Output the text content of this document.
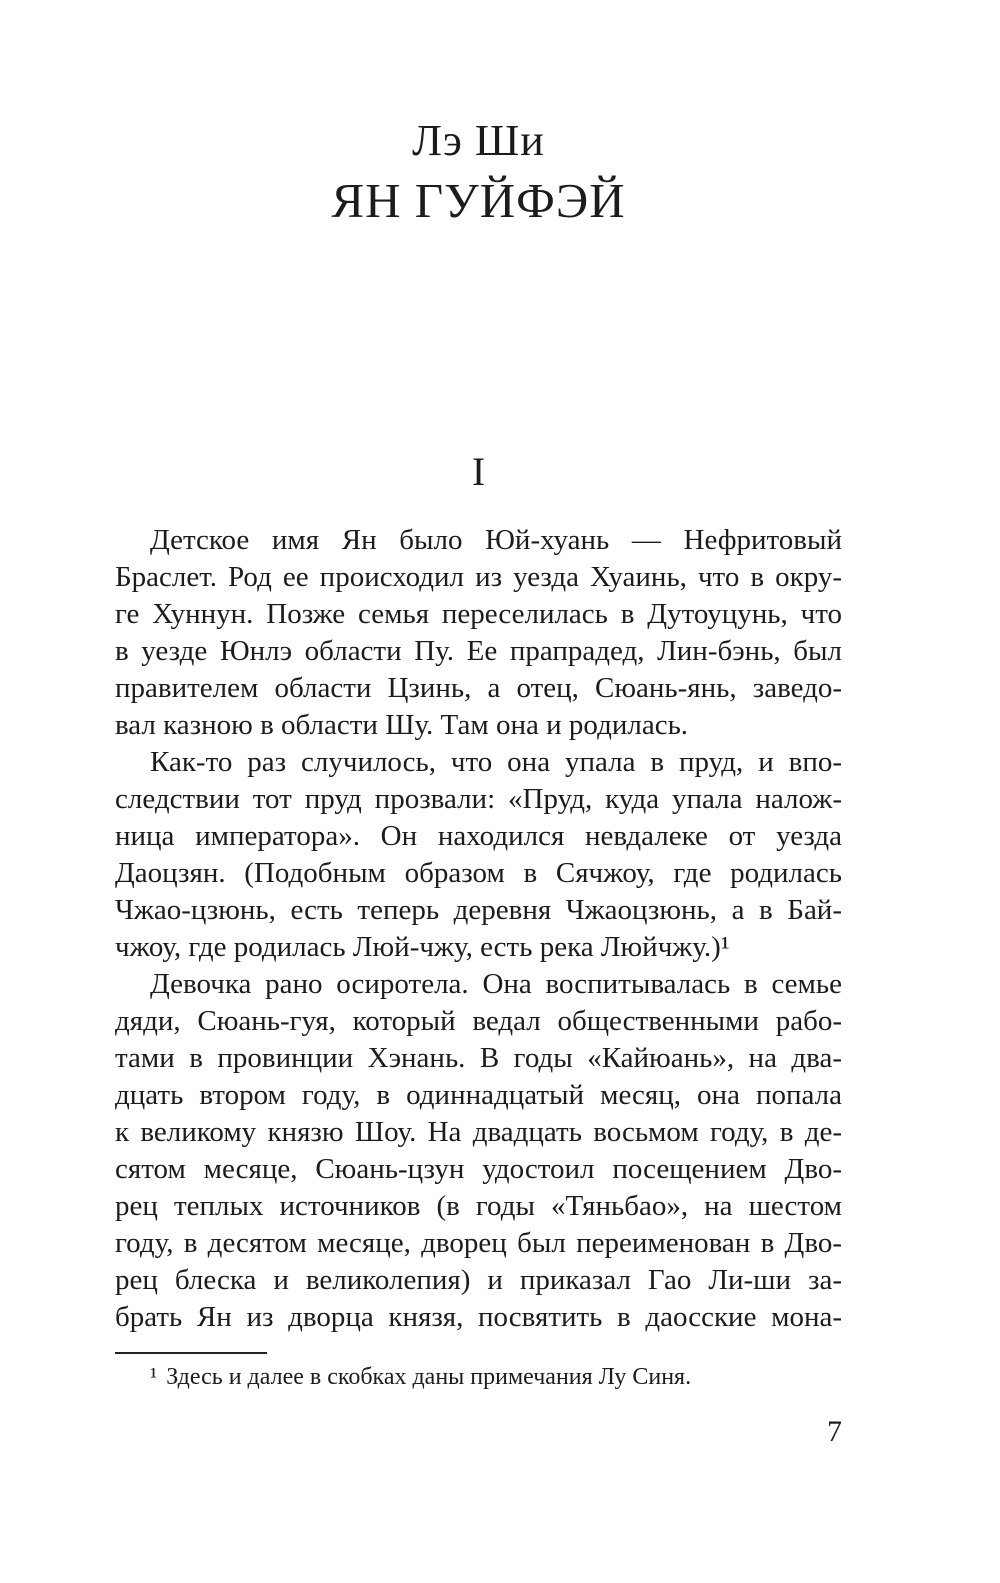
Лэ Ши
ЯН ГУЙФЭЙ
I
Детское имя Ян было Юй-хуань — Нефритовый
Браслет. Род ее происходил из уезда Хуаинь, что в окру-
ге Хуннун. Позже семья переселилась в Дутоуцунь, что
в уезде Юнлэ области Пу. Ее прапрадед, Лин-бэнь, был
правителем области Цзинь, а отец, Сюань-янь, заведо-
вал казною в области Шу. Там она и родилась.
Как-то раз случилось, что она упала в пруд, и впо-
следствии тот пруд прозвали: «Пруд, куда упала налож-
ница императора». Он находился невдалеке от уезда
Даоцзян. (Подобным образом в Сячжоу, где родилась
Чжао-цзюнь, есть теперь деревня Чжаоцзюнь, а в Бай-
чжоу, где родилась Люй-чжу, есть река Люйчжу.)¹
Девочка рано осиротела. Она воспитывалась в семье
дяди, Сюань-гуя, который ведал общественными рабо-
тами в провинции Хэнань. В годы «Кайюань», на два-
дцать втором году, в одиннадцатый месяц, она попала
к великому князю Шоу. На двадцать восьмом году, в де-
сятом месяце, Сюань-цзун удостоил посещением Дво-
рец теплых источников (в годы «Тяньбао», на шестом
году, в десятом месяце, дворец был переименован в Дво-
рец блеска и великолепия) и приказал Гао Ли-ши за-
брать Ян из дворца князя, посвятить в даосские мона-
¹ Здесь и далее в скобках даны примечания Лу Синя.
7
